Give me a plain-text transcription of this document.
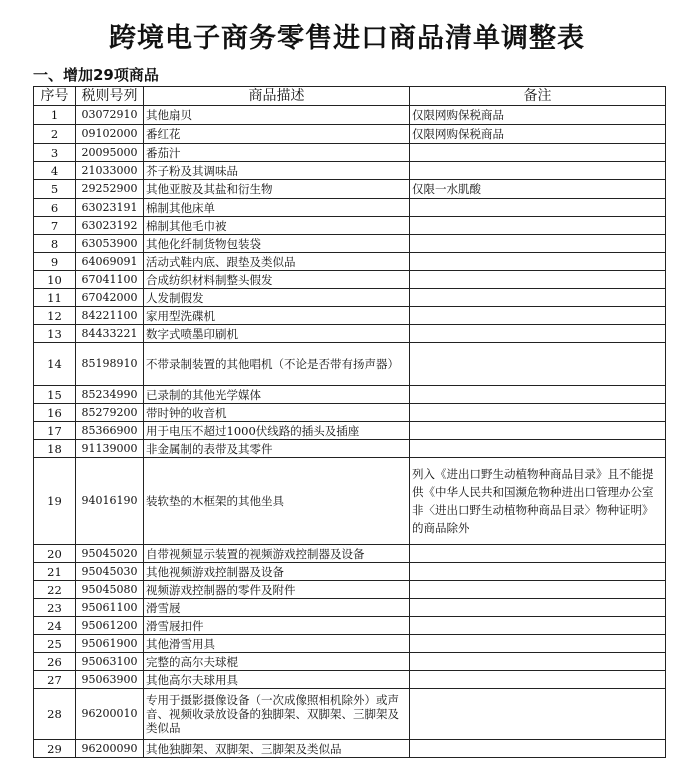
跨境电子商务零售进口商品清单调整表
一、增加29项商品
序号	税则号列	商品描述	备注
1	03072910	其他扇贝	仅限网购保税商品
2	09102000	番红花	仅限网购保税商品
3	20095000	番茄汁	
4	21033000	芥子粉及其调味品	
5	29252900	其他亚胺及其盐和衍生物	仅限一水肌酸
6	63023191	棉制其他床单	
7	63023192	棉制其他毛巾被	
8	63053900	其他化纤制货物包装袋	
9	64069091	活动式鞋内底、跟垫及类似品	
10	67041100	合成纺织材料制整头假发	
11	67042000	人发制假发	
12	84221100	家用型洗碟机	
13	84433221	数字式喷墨印刷机	
14	85198910	不带录制装置的其他唱机（不论是否带有扬声器）	
15	85234990	已录制的其他光学媒体	
16	85279200	带时钟的收音机	
17	85366900	用于电压不超过1000伏线路的插头及插座	
18	91139000	非金属制的表带及其零件	
19	94016190	装软垫的木框架的其他坐具	列入《进出口野生动植物种商品目录》且不能提供《中华人民共和国濒危物种进出口管理办公室非〈进出口野生动植物种商品目录〉物种证明》的商品除外
20	95045020	自带视频显示装置的视频游戏控制器及设备	
21	95045030	其他视频游戏控制器及设备	
22	95045080	视频游戏控制器的零件及附件	
23	95061100	滑雪屐	
24	95061200	滑雪屐扣件	
25	95061900	其他滑雪用具	
26	95063100	完整的高尔夫球棍	
27	95063900	其他高尔夫球用具	
28	96200010	专用于摄影摄像设备（一次成像照相机除外）或声音、视频收录放设备的独脚架、双脚架、三脚架及类似品	
29	96200090	其他独脚架、双脚架、三脚架及类似品	
